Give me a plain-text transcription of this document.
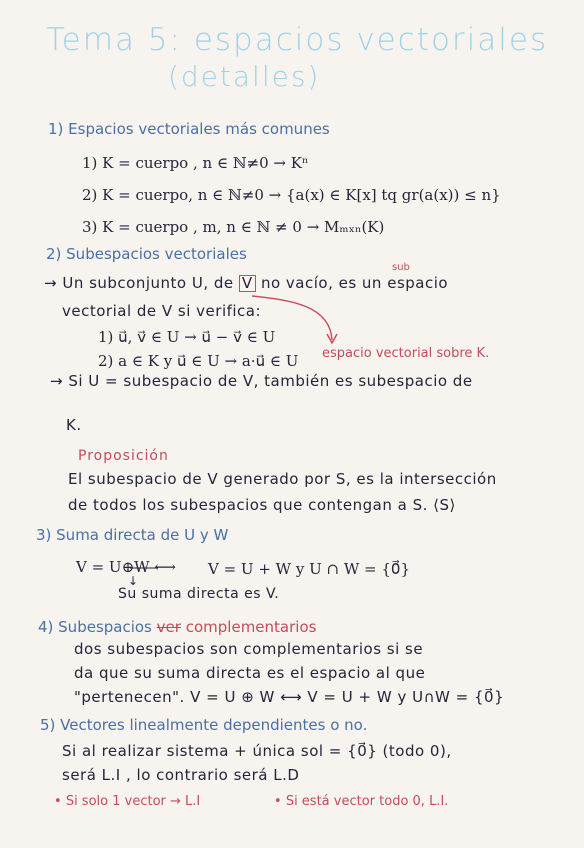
Tema 5: espacios vectoriales
(detalles)
1) Espacios vectoriales más comunes
1) K = cuerpo , n ∈ ℕ≠0 → Kⁿ
2) K = cuerpo, n ∈ ℕ≠0 → {a(x) ∈ K[x] tq gr(a(x)) ≤ n}
3) K = cuerpo , m, n ∈ ℕ ≠ 0 → Mₘₓₙ(K)
2) Subespacios vectoriales
→ Un subconjunto U, de V no vacío, es un espacio
sub
vectorial de V si verifica:
1) u⃗, v⃗ ∈ U → u⃗ − v⃗ ∈ U
2) a ∈ K y u⃗ ∈ U → a·u⃗ ∈ U espacio vectorial sobre K.
→ Si U = subespacio de V, también es subespacio de
K.
Proposición
El subespacio de V generado por S, es la intersección
de todos los subespacios que contengan a S. ⟨S⟩
3) Suma directa de U y W
V = U⊕W ⟷ V = U + W y U ∩ W = {0⃗}
↓
Su suma directa es V.
4) Subespacios ver complementarios
dos subespacios son complementarios si se
da que su suma directa es el espacio al que
"pertenecen". V = U ⊕ W ⟷ V = U + W y U∩W = {0⃗}
5) Vectores linealmente dependientes o no.
Si al realizar sistema + única sol = {0⃗} (todo 0),
será L.I , lo contrario será L.D
• Si solo 1 vector → L.I	• Si está vector todo 0, L.I.
